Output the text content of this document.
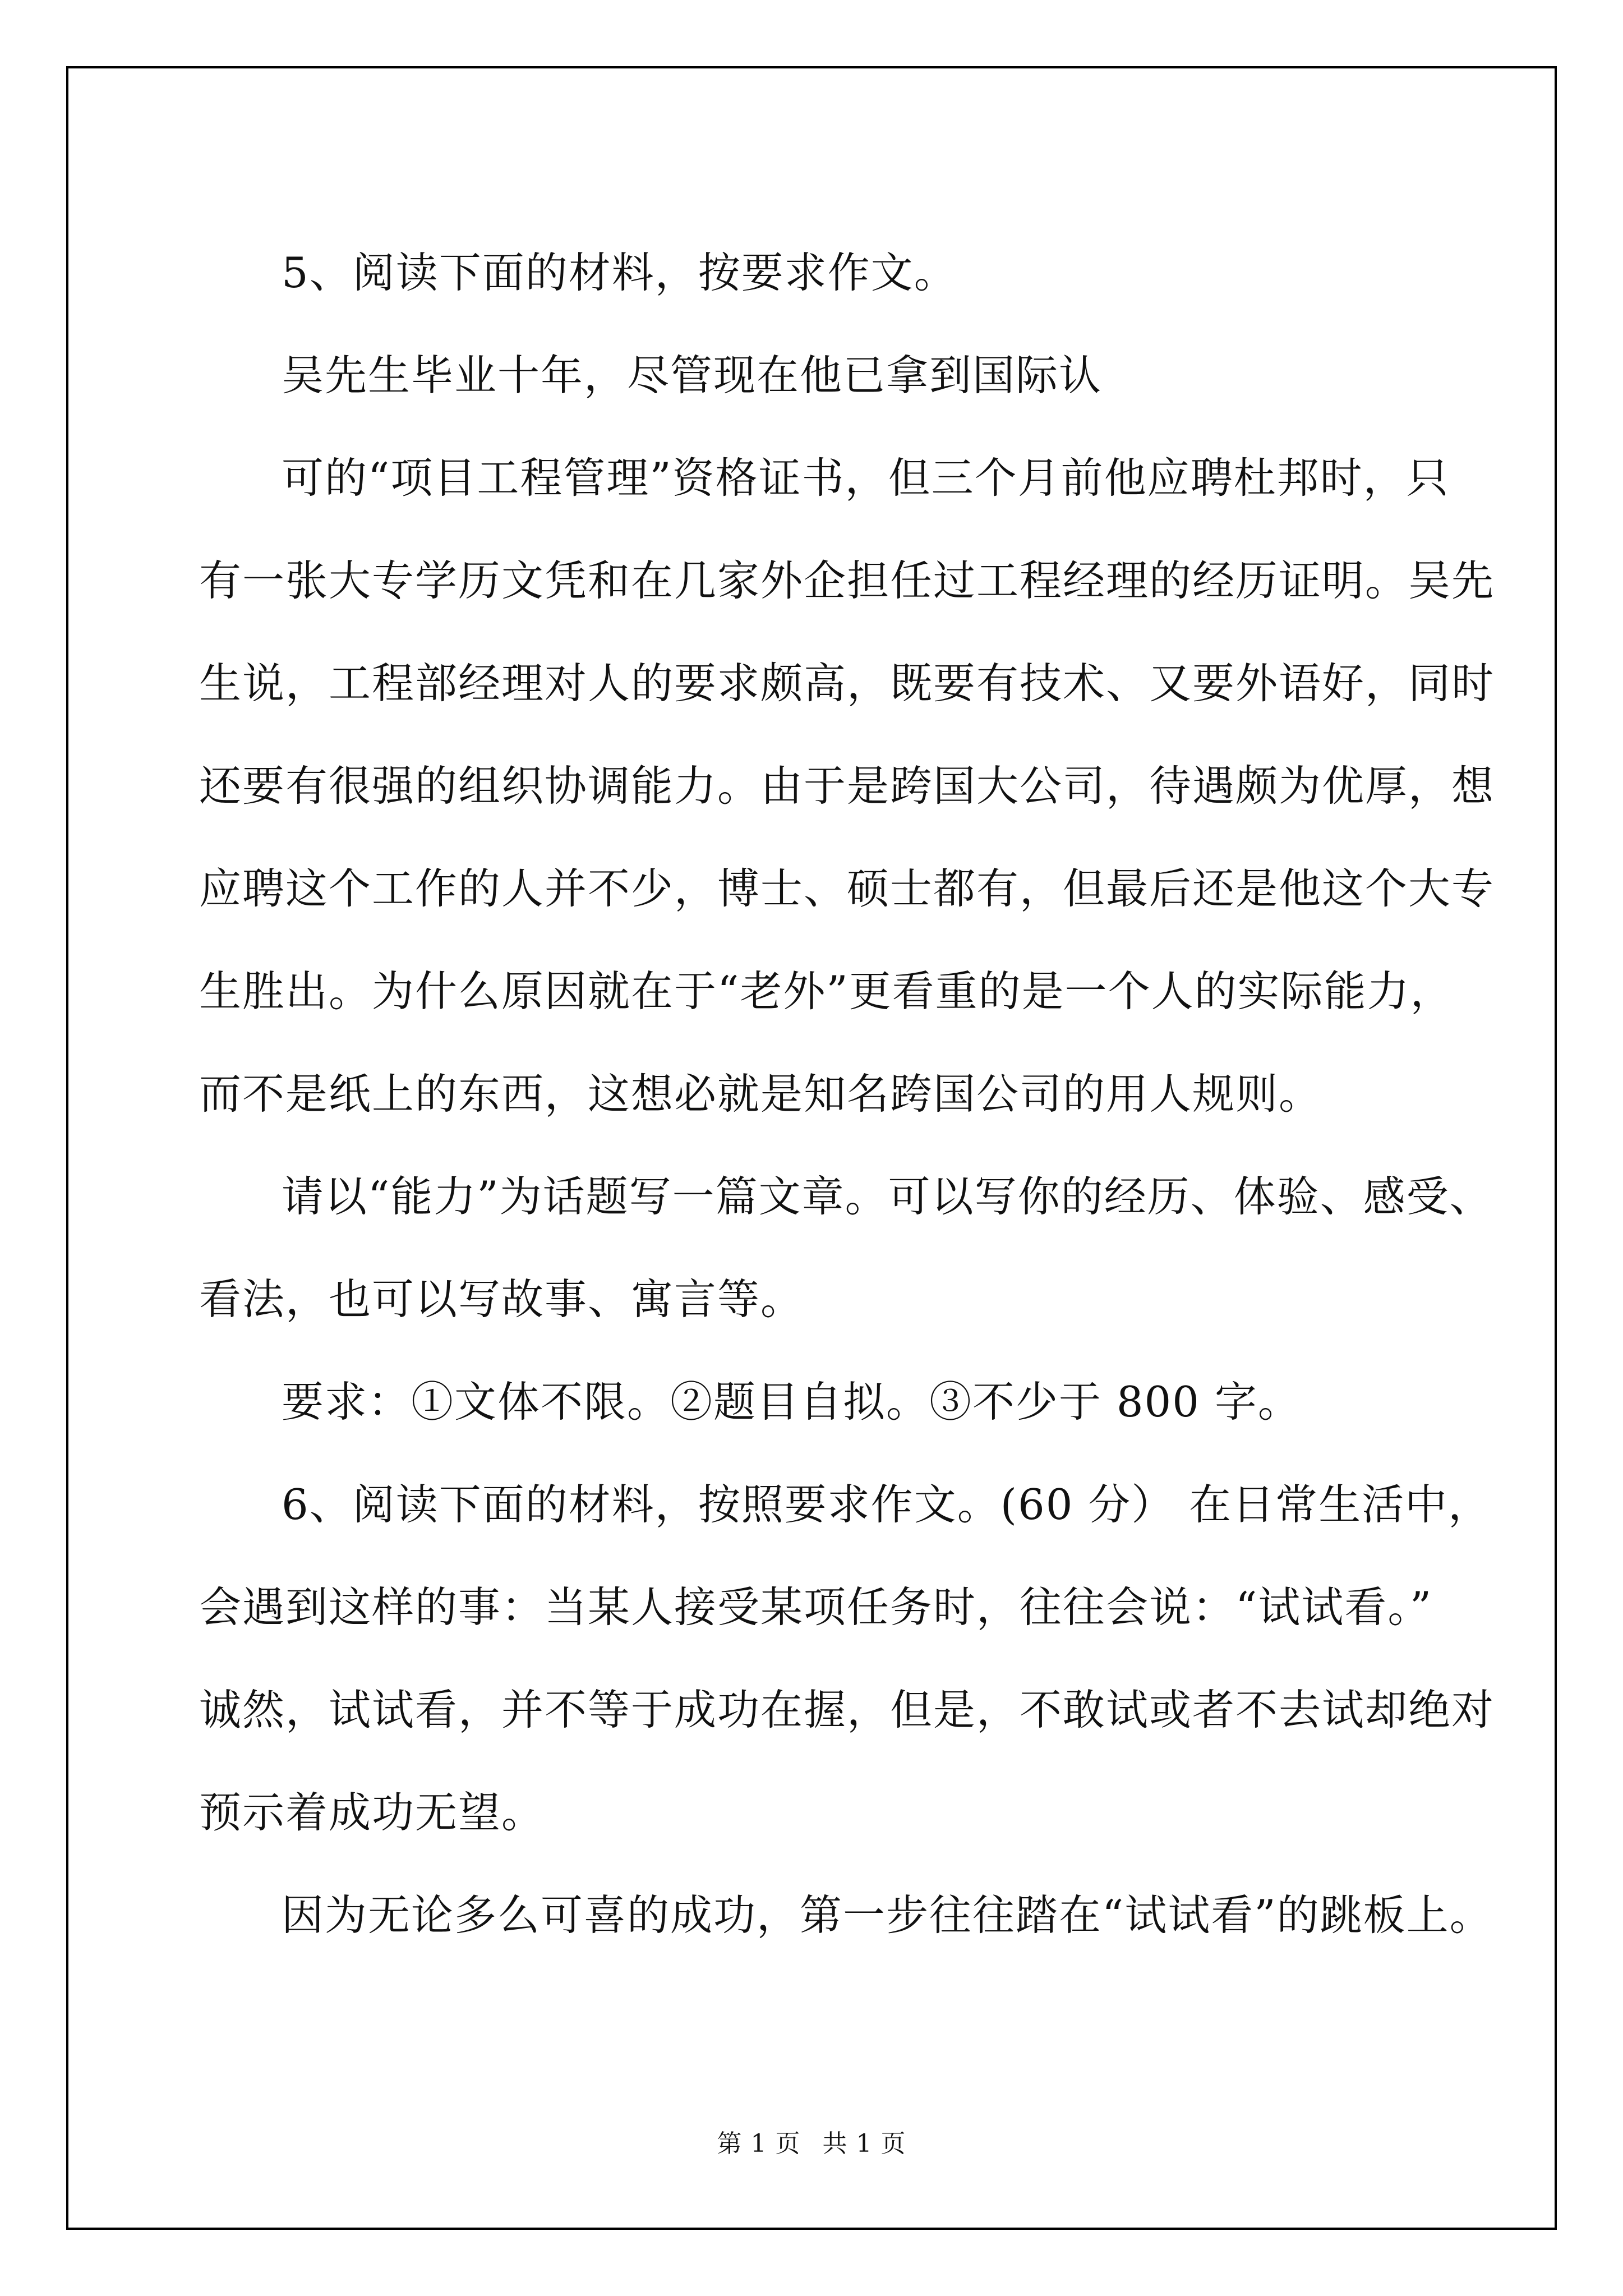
5、阅读下面的材料，按要求作文。

吴先生毕业十年，尽管现在他已拿到国际认

可的“项目工程管理”资格证书，但三个月前他应聘杜邦时，只

有一张大专学历文凭和在几家外企担任过工程经理的经历证明。吴先

生说，工程部经理对人的要求颇高，既要有技术、又要外语好，同时

还要有很强的组织协调能力。由于是跨国大公司，待遇颇为优厚，想

应聘这个工作的人并不少，博士、硕士都有，但最后还是他这个大专

生胜出。为什么原因就在于“老外”更看重的是一个人的实际能力，

而不是纸上的东西，这想必就是知名跨国公司的用人规则。

请以“能力”为话题写一篇文章。可以写你的经历、体验、感受、

看法，也可以写故事、寓言等。

要求：①文体不限。②题目自拟。③不少于 800 字。

6、阅读下面的材料，按照要求作文。(60 分） 在日常生活中，

会遇到这样的事：当某人接受某项任务时，往往会说：“试试看。”

诚然，试试看，并不等于成功在握，但是，不敢试或者不去试却绝对

预示着成功无望。

因为无论多么可喜的成功，第一步往往踏在“试试看”的跳板上。

第 1 页 共 1 页
